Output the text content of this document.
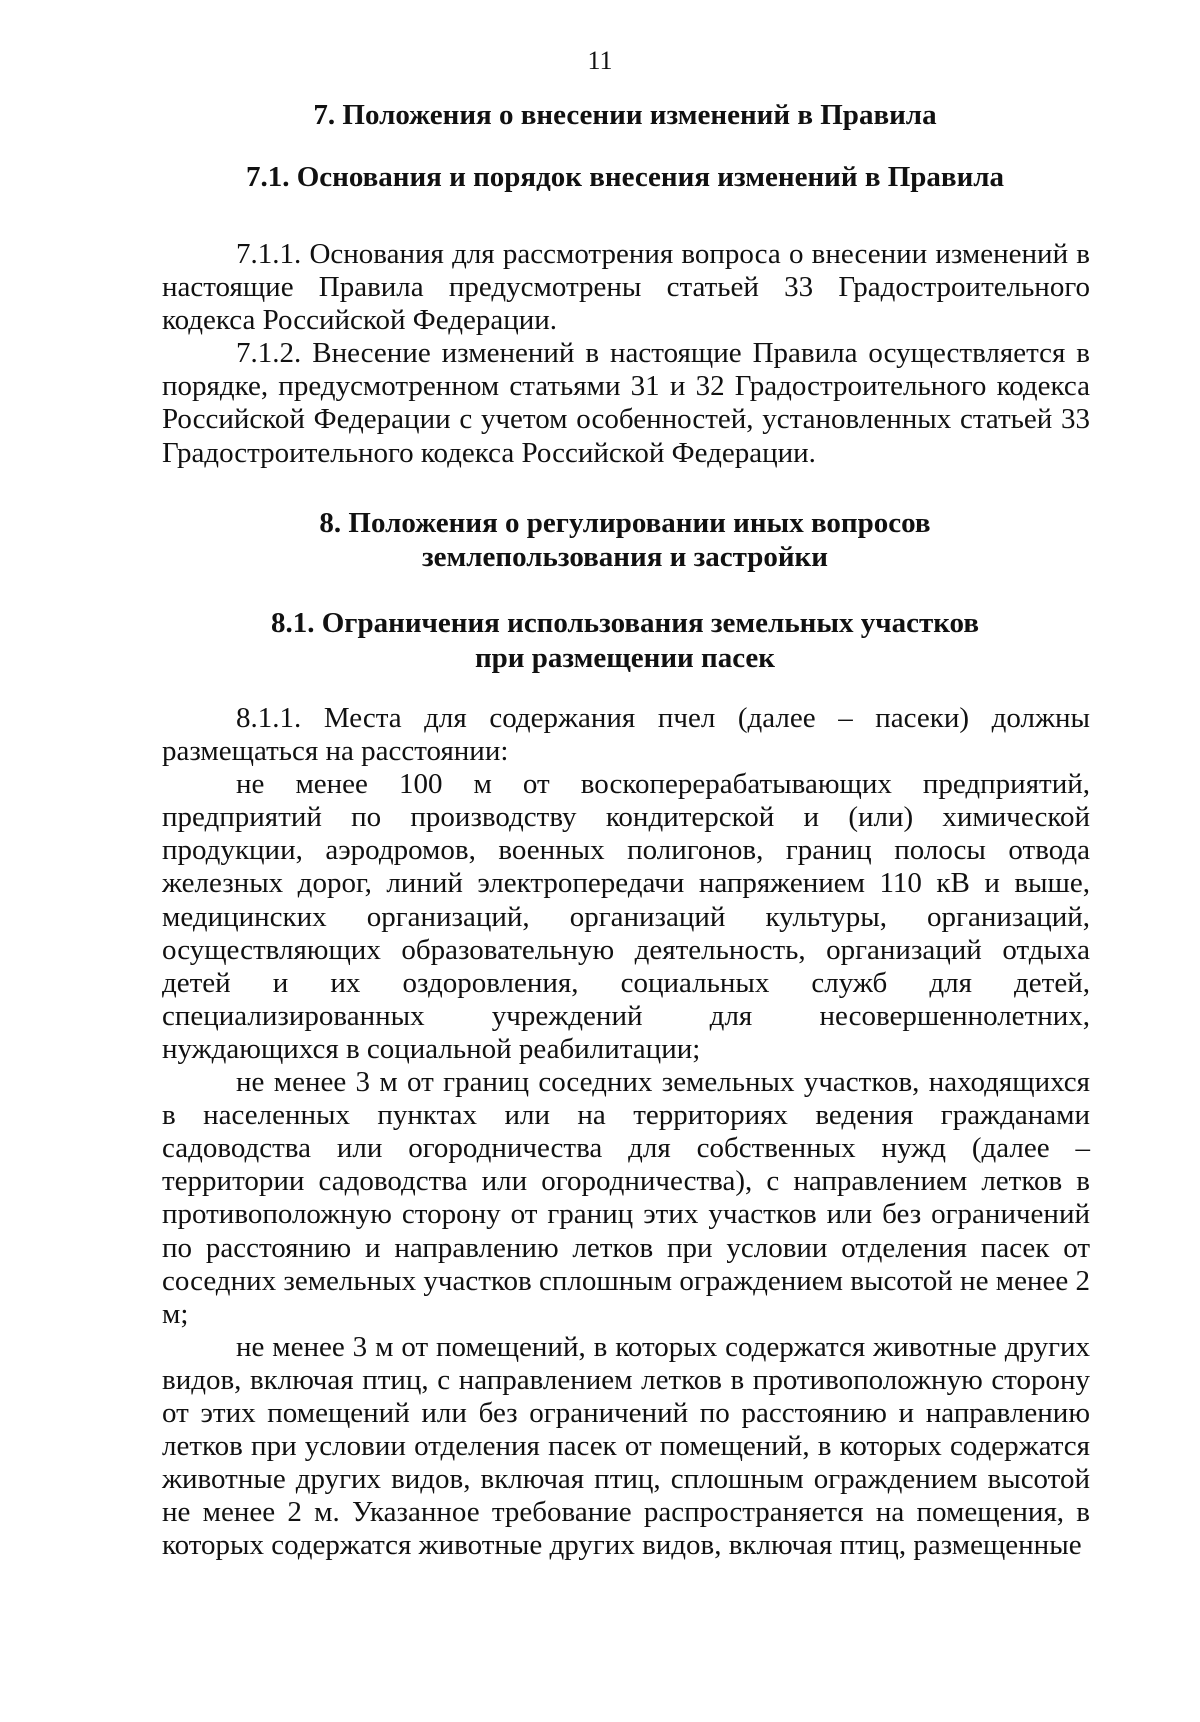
11
7. Положения о внесении изменений в Правила
7.1. Основания и порядок внесения изменений в Правила

7.1.1. Основания для рассмотрения вопроса о внесении изменений в настоящие Правила предусмотрены статьей 33 Градостроительного кодекса Российской Федерации.

7.1.2. Внесение изменений в настоящие Правила осуществляется в порядке, предусмотренном статьями 31 и 32 Градостроительного кодекса Российской Федерации с учетом особенностей, установленных статьей 33 Градостроительного кодекса Российской Федерации.

8. Положения о регулировании иных вопросов
землепользования и застройки
8.1. Ограничения использования земельных участков
при размещении пасек

8.1.1. Места для содержания пчел (далее – пасеки) должны размещаться на расстоянии:

не менее 100 м от воскоперерабатывающих предприятий, предприятий по производству кондитерской и (или) химической продукции, аэродромов, военных полигонов, границ полосы отвода железных дорог, линий электропередачи напряжением 110 кВ и выше, медицинских организаций, организаций культуры, организаций, осуществляющих образовательную деятельность, организаций отдыха детей и их оздоровления, социальных служб для детей, специализированных учреждений для несовершеннолетних, нуждающихся в социальной реабилитации;

не менее 3 м от границ соседних земельных участков, находящихся в населенных пунктах или на территориях ведения гражданами садоводства или огородничества для собственных нужд (далее – территории садоводства или огородничества), с направлением летков в противоположную сторону от границ этих участков или без ограничений по расстоянию и направлению летков при условии отделения пасек от соседних земельных участков сплошным ограждением высотой не менее 2 м;

не менее 3 м от помещений, в которых содержатся животные других видов, включая птиц, с направлением летков в противоположную сторону от этих помещений или без ограничений по расстоянию и направлению летков при условии отделения пасек от помещений, в которых содержатся животные других видов, включая птиц, сплошным ограждением высотой не менее 2 м. Указанное требование распространяется на помещения, в которых содержатся животные других видов, включая птиц, размещенные
